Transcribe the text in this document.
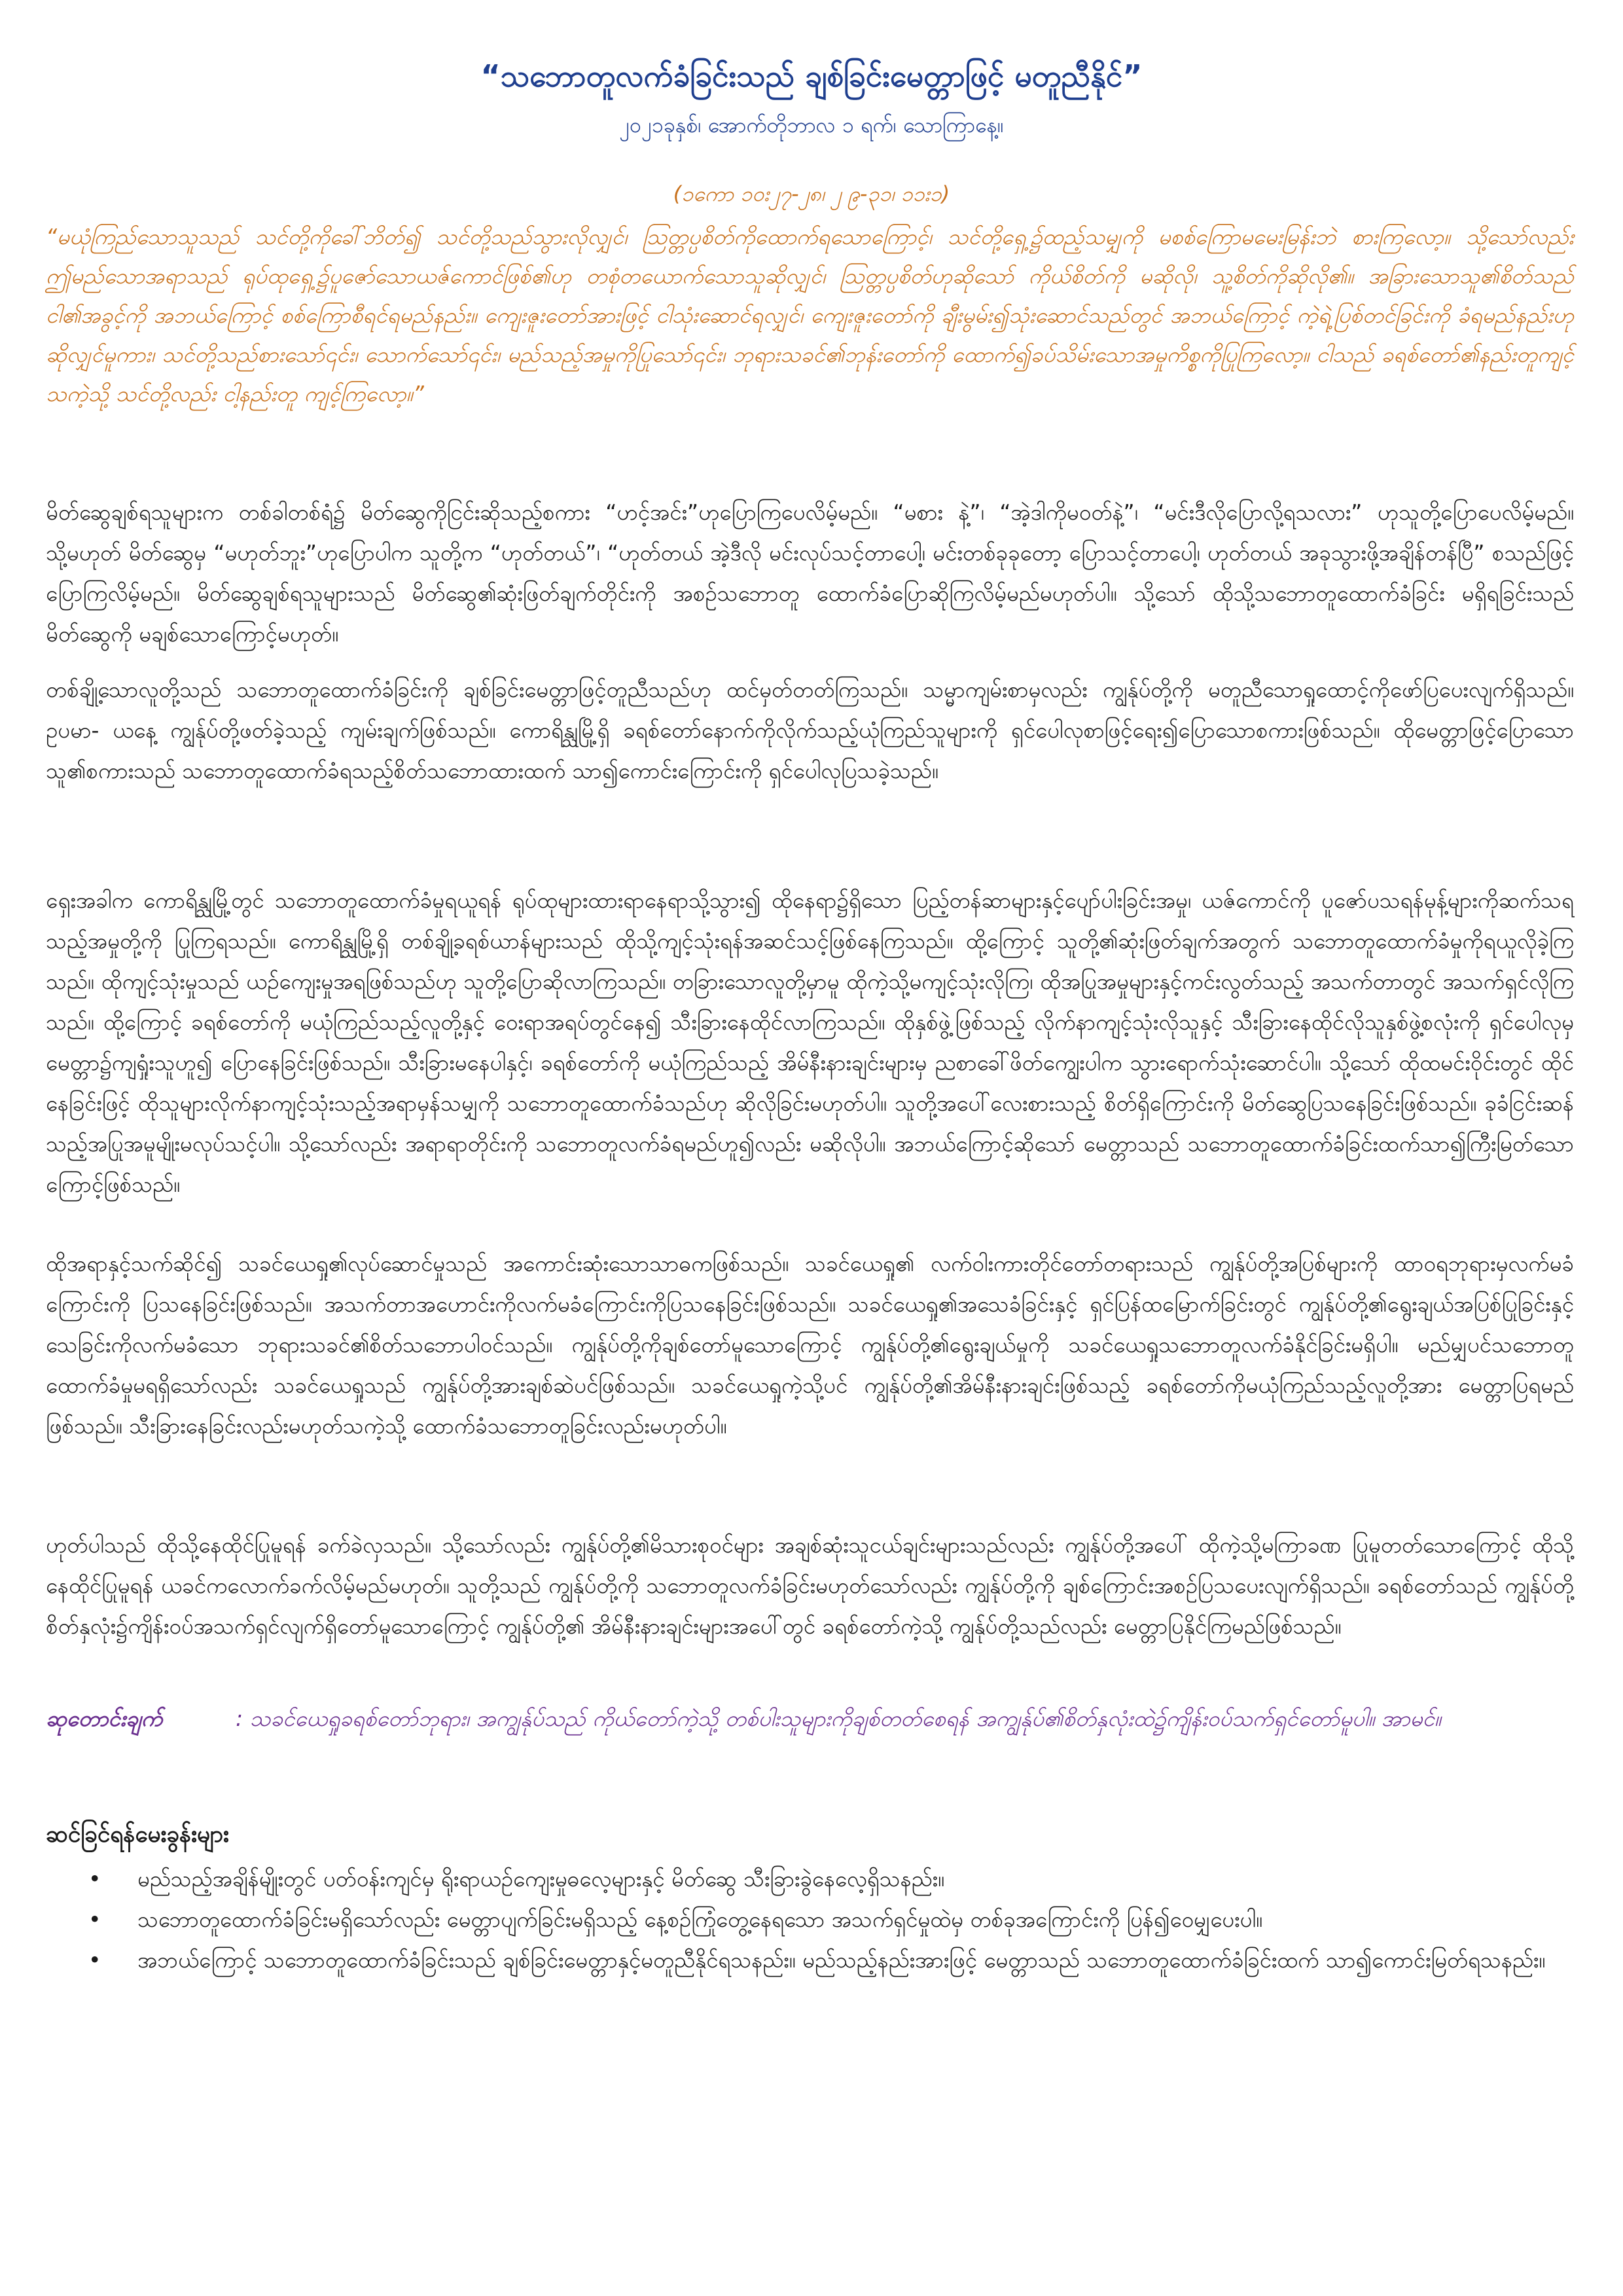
“သဘောတူလက်ခံခြင်းသည် ချစ်ခြင်းမေတ္တာဖြင့် မတူညီနိုင်”
၂၀၂၁ခုနှစ်၊ အောက်တိုဘာလ ၁ ရက်၊ သောကြာနေ့။
(၁ကော ၁၀း၂၇-၂၈၊ ၂ ၉-၃၁၊ ၁၁း၁)

“မယုံကြည်သောသူသည် သင်တို့ကိုခေါ်ဘိတ်၍ သင်တို့သည်သွားလိုလျှင်၊ ဩတ္တပ္ပစိတ်ကိုထောက်ရသောကြောင့်၊ သင်တို့ရှေ့၌ထည့်သမျှကို မစစ်ကြောမမေးမြန်းဘဲ စားကြလော့။ သို့သော်လည်း ဤမည်သောအရာသည် ရုပ်ထုရှေ့၌ပူဇော်သောယဇ်ကောင်ဖြစ်၏ဟု တစုံတယောက်သောသူဆိုလျှင်၊ ဩတ္တပ္ပစိတ်ဟုဆိုသော် ကိုယ်စိတ်ကို မဆိုလို၊ သူ့စိတ်ကိုဆိုလို၏။ အခြားသောသူ၏စိတ်သည် ငါ၏အခွင့်ကို အဘယ်ကြောင့် စစ်ကြောစီရင်ရမည်နည်း။ ကျေးဇူးတော်အားဖြင့် ငါသုံးဆောင်ရလျှင်၊ ကျေးဇူးတော်ကို ချီးမွမ်း၍သုံးဆောင်သည်တွင် အဘယ်ကြောင့် ကဲ့ရဲ့ပြစ်တင်ခြင်းကို ခံရမည်နည်းဟုဆိုလျှင်မူကား၊ သင်တို့သည်စားသော်၎င်း၊ သောက်သော်၎င်း၊ မည်သည့်အမှုကိုပြုသော်၎င်း၊ ဘုရားသခင်၏ဘုန်းတော်ကို ထောက်၍ခပ်သိမ်းသောအမှုကိစ္စကိုပြုကြလော့။ ငါသည် ခရစ်တော်၏နည်းတူကျင့်သကဲ့သို့ သင်တို့လည်း ငါ့နည်းတူ ကျင့်ကြလော့။”

မိတ်ဆွေချစ်ရသူများက တစ်ခါတစ်ရံ၌ မိတ်ဆွေကိုငြင်းဆိုသည့်စကား “ဟင့်အင်း”ဟုပြောကြပေလိမ့်မည်။ “မစား နဲ့”၊ “အဲ့ဒါကိုမဝတ်နဲ့”၊ “မင်းဒီလိုပြောလို့ရသလား” ဟုသူတို့ပြောပေလိမ့်မည်။ သို့မဟုတ် မိတ်ဆွေမှ “မဟုတ်ဘူး”ဟုပြောပါက သူတို့က “ဟုတ်တယ်”၊ “ဟုတ်တယ် အဲ့ဒီလို မင်းလုပ်သင့်တာပေါ့၊ မင်းတစ်ခုခုတော့ ပြောသင့်တာပေါ့၊ ဟုတ်တယ် အခုသွားဖို့အချိန်တန်ပြီ” စသည်ဖြင့်ပြောကြလိမ့်မည်။ မိတ်ဆွေချစ်ရသူများသည် မိတ်ဆွေ၏ဆုံးဖြတ်ချက်တိုင်းကို အစဉ်သဘောတူ ထောက်ခံပြောဆိုကြလိမ့်မည်မဟုတ်ပါ။ သို့သော် ထိုသို့သဘောတူထောက်ခံခြင်း မရှိရခြင်းသည် မိတ်ဆွေကို မချစ်သောကြောင့်မဟုတ်။

တစ်ချို့သောလူတို့သည် သဘောတူထောက်ခံခြင်းကို ချစ်ခြင်းမေတ္တာဖြင့်တူညီသည်ဟု ထင်မှတ်တတ်ကြသည်။ သမ္မာကျမ်းစာမှလည်း ကျွန်ုပ်တို့ကို မတူညီသောရှုထောင့်ကိုဖော်ပြပေးလျက်ရှိသည်။ ဥပမာ- ယနေ့ ကျွန်ုပ်တို့ဖတ်ခဲ့သည့် ကျမ်းချက်ဖြစ်သည်။ ကောရိန္သုမြို့ရှိ ခရစ်တော်နောက်ကိုလိုက်သည့်ယုံကြည်သူများကို ရှင်ပေါလုစာဖြင့်ရေး၍ပြောသောစကားဖြစ်သည်။ ထိုမေတ္တာဖြင့်ပြောသောသူ၏စကားသည် သဘောတူထောက်ခံရသည့်စိတ်သဘောထားထက် သာ၍ကောင်းကြောင်းကို ရှင်ပေါလုပြသခဲ့သည်။

ရှေးအခါက ကောရိန္သုမြို့တွင် သဘောတူထောက်ခံမှုရယူရန် ရုပ်ထုများထားရာနေရာသို့သွား၍ ထိုနေရာ၌ရှိသော ပြည့်တန်ဆာများနှင့်ပျော်ပါးခြင်းအမှု၊ ယဇ်ကောင်ကို ပူဇော်ပသရန်မုန့်များကိုဆက်သရသည့်အမှုတို့ကို ပြုကြရသည်။ ကောရိန္သုမြို့ရှိ တစ်ချို့ခရစ်ယာန်များသည် ထိုသို့ကျင့်သုံးရန်အဆင်သင့်ဖြစ်နေကြသည်။ ထို့ကြောင့် သူတို့၏ဆုံးဖြတ်ချက်အတွက် သဘောတူထောက်ခံမှုကိုရယူလိုခဲ့ကြသည်။ ထိုကျင့်သုံးမှုသည် ယဉ်ကျေးမှုအရဖြစ်သည်ဟု သူတို့ပြောဆိုလာကြသည်။ တခြားသောလူတို့မှာမူ ထိုကဲ့သို့မကျင့်သုံးလိုကြ၊ ထိုအပြုအမှုများနှင့်ကင်းလွတ်သည့် အသက်တာတွင် အသက်ရှင်လိုကြသည်။ ထို့ကြောင့် ခရစ်တော်ကို မယုံကြည်သည့်လူတို့နှင့် ဝေးရာအရပ်တွင်နေ၍ သီးခြားနေထိုင်လာကြသည်။ ထိုနှစ်ဖွဲ့ဖြစ်သည့် လိုက်နာကျင့်သုံးလိုသူနှင့် သီးခြားနေထိုင်လိုသူနှစ်ဖွဲ့စလုံးကို ရှင်ပေါလုမှ မေတ္တာ၌ကျရှုံးသူဟူ၍ ပြောနေခြင်းဖြစ်သည်။ သီးခြားမနေပါနှင့်၊ ခရစ်တော်ကို မယုံကြည်သည့် အိမ်နီးနားချင်းများမှ ညစာခေါ်ဖိတ်ကျွေးပါက သွားရောက်သုံးဆောင်ပါ။ သို့သော် ထိုထမင်းဝိုင်းတွင် ထိုင်နေခြင်းဖြင့် ထိုသူများလိုက်နာကျင့်သုံးသည့်အရာမှန်သမျှကို သဘောတူထောက်ခံသည်ဟု ဆိုလိုခြင်းမဟုတ်ပါ။ သူတို့အပေါ်လေးစားသည့် စိတ်ရှိကြောင်းကို မိတ်ဆွေပြသနေခြင်းဖြစ်သည်။ ခုခံငြင်းဆန်သည့်အပြုအမူမျိုးမလုပ်သင့်ပါ။ သို့သော်လည်း အရာရာတိုင်းကို သဘောတူလက်ခံရမည်ဟူ၍လည်း မဆိုလိုပါ။ အဘယ်ကြောင့်ဆိုသော် မေတ္တာသည် သဘောတူထောက်ခံခြင်းထက်သာ၍ကြီးမြတ်သောကြောင့်ဖြစ်သည်။

ထိုအရာနှင့်သက်ဆိုင်၍ သခင်ယေရှု၏လုပ်ဆောင်မှုသည် အကောင်းဆုံးသောသာဓကဖြစ်သည်။ သခင်ယေရှု၏ လက်ဝါးကားတိုင်တော်တရားသည် ကျွန်ုပ်တို့အပြစ်များကို ထာဝရဘုရားမှလက်မခံကြောင်းကို ပြသနေခြင်းဖြစ်သည်။ အသက်တာအဟောင်းကိုလက်မခံကြောင်းကိုပြသနေခြင်းဖြစ်သည်။ သခင်ယေရှု၏အသေခံခြင်းနှင့် ရှင်ပြန်ထမြောက်ခြင်းတွင် ကျွန်ုပ်တို့၏ရွေးချယ်အပြစ်ပြုခြင်းနှင့်သေခြင်းကိုလက်မခံသော ဘုရားသခင်၏စိတ်သဘောပါဝင်သည်။ ကျွန်ုပ်တို့ကိုချစ်တော်မူသောကြောင့် ကျွန်ုပ်တို့၏ရွေးချယ်မှုကို သခင်ယေရှုသဘောတူလက်ခံနိုင်ခြင်းမရှိပါ။ မည်မျှပင်သဘောတူထောက်ခံမှုမရရှိသော်လည်း သခင်ယေရှုသည် ကျွန်ုပ်တို့အားချစ်ဆဲပင်ဖြစ်သည်။ သခင်ယေရှုကဲ့သို့ပင် ကျွန်ုပ်တို့၏အိမ်နီးနားချင်းဖြစ်သည့် ခရစ်တော်ကိုမယုံကြည်သည့်လူတို့အား မေတ္တာပြရမည်ဖြစ်သည်။ သီးခြားနေခြင်းလည်းမဟုတ်သကဲ့သို့ ထောက်ခံသဘောတူခြင်းလည်းမဟုတ်ပါ။

ဟုတ်ပါသည် ထိုသို့နေထိုင်ပြုမူရန် ခက်ခဲလှသည်။ သို့သော်လည်း ကျွန်ုပ်တို့၏မိသားစုဝင်များ အချစ်ဆုံးသူငယ်ချင်းများသည်လည်း ကျွန်ုပ်တို့အပေါ် ထိုကဲ့သို့မကြာခဏ ပြုမူတတ်သောကြောင့် ထိုသို့နေထိုင်ပြုမူရန် ယခင်ကလောက်ခက်လိမ့်မည်မဟုတ်။ သူတို့သည် ကျွန်ုပ်တို့ကို သဘောတူလက်ခံခြင်းမဟုတ်သော်လည်း ကျွန်ုပ်တို့ကို ချစ်ကြောင်းအစဉ်ပြသပေးလျက်ရှိသည်။ ခရစ်တော်သည် ကျွန်ုပ်တို့စိတ်နှလုံး၌ကျိန်းဝပ်အသက်ရှင်လျက်ရှိတော်မူသောကြောင့် ကျွန်ုပ်တို့၏ အိမ်နီးနားချင်းများအပေါ်တွင် ခရစ်တော်ကဲ့သို့ ကျွန်ုပ်တို့သည်လည်း မေတ္တာပြနိုင်ကြမည်ဖြစ်သည်။

ဆုတောင်းချက်	: သခင်ယေရှုခရစ်တော်ဘုရား၊ အကျွန်ုပ်သည် ကိုယ်တော်ကဲ့သို့ တစ်ပါးသူများကိုချစ်တတ်စေရန် အကျွန်ုပ်၏စိတ်နှလုံးထဲ၌ကျိန်းဝပ်သက်ရှင်တော်မူပါ။ အာမင်။

ဆင်ခြင်ရန်မေးခွန်းများ
• မည်သည့်အချိန်မျိုးတွင် ပတ်ဝန်းကျင်မှ ရိုးရာယဉ်ကျေးမှုဓလေ့များနှင့် မိတ်ဆွေ သီးခြားခွဲနေလေ့ရှိသနည်း။
• သဘောတူထောက်ခံခြင်းမရှိသော်လည်း မေတ္တာပျက်ခြင်းမရှိသည့် နေ့စဉ်ကြုံတွေ့နေရသော အသက်ရှင်မှုထဲမှ တစ်ခုအကြောင်းကို ပြန်၍ဝေမျှပေးပါ။
• အဘယ်ကြောင့် သဘောတူထောက်ခံခြင်းသည် ချစ်ခြင်းမေတ္တာနှင့်မတူညီနိုင်ရသနည်း။ မည်သည့်နည်းအားဖြင့် မေတ္တာသည် သဘောတူထောက်ခံခြင်းထက် သာ၍ကောင်းမြတ်ရသနည်း။
